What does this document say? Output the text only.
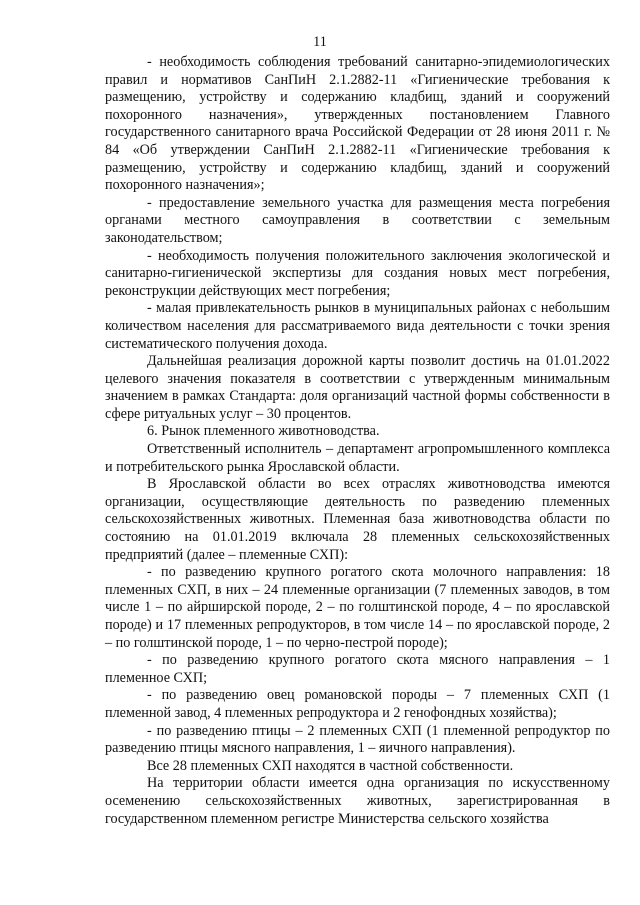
11

- необходимость соблюдения требований санитарно-эпидемиологических правил и нормативов СанПиН 2.1.2882-11 «Гигиенические требования к размещению, устройству и содержанию кладбищ, зданий и сооружений похоронного назначения», утвержденных постановлением Главного государственного санитарного врача Российской Федерации от 28 июня 2011 г. № 84 «Об утверждении СанПиН 2.1.2882-11 «Гигиенические требования к размещению, устройству и содержанию кладбищ, зданий и сооружений похоронного назначения»;

- предоставление земельного участка для размещения места погребения органами местного самоуправления в соответствии с земельным законодательством;

- необходимость получения положительного заключения экологической и санитарно-гигиенической экспертизы для создания новых мест погребения, реконструкции действующих мест погребения;

- малая привлекательность рынков в муниципальных районах с небольшим количеством населения для рассматриваемого вида деятельности с точки зрения систематического получения дохода.

Дальнейшая реализация дорожной карты позволит достичь на 01.01.2022 целевого значения показателя в соответствии с утвержденным минимальным значением в рамках Стандарта: доля организаций частной формы собственности в сфере ритуальных услуг – 30 процентов.

6. Рынок племенного животноводства.

Ответственный исполнитель – департамент агропромышленного комплекса и потребительского рынка Ярославской области.

В Ярославской области во всех отраслях животноводства имеются организации, осуществляющие деятельность по разведению племенных сельскохозяйственных животных. Племенная база животноводства области по состоянию на 01.01.2019 включала 28 племенных сельскохозяйственных предприятий (далее – племенные СХП):

- по разведению крупного рогатого скота молочного направления: 18 племенных СХП, в них – 24 племенные организации (7 племенных заводов, в том числе 1 – по айрширской породе, 2 – по голштинской породе, 4 – по ярославской породе) и 17 племенных репродукторов, в том числе 14 – по ярославской породе, 2 – по голштинской породе, 1 – по черно-пестрой породе);

- по разведению крупного рогатого скота мясного направления – 1 племенное СХП;

- по разведению овец романовской породы – 7 племенных СХП (1 племенной завод, 4 племенных репродуктора и 2 генофондных хозяйства);

- по разведению птицы – 2 племенных СХП (1 племенной репродуктор по разведению птицы мясного направления, 1 – яичного направления).

Все 28 племенных СХП находятся в частной собственности.

На территории области имеется одна организация по искусственному осеменению сельскохозяйственных животных, зарегистрированная в государственном племенном регистре Министерства сельского хозяйства
